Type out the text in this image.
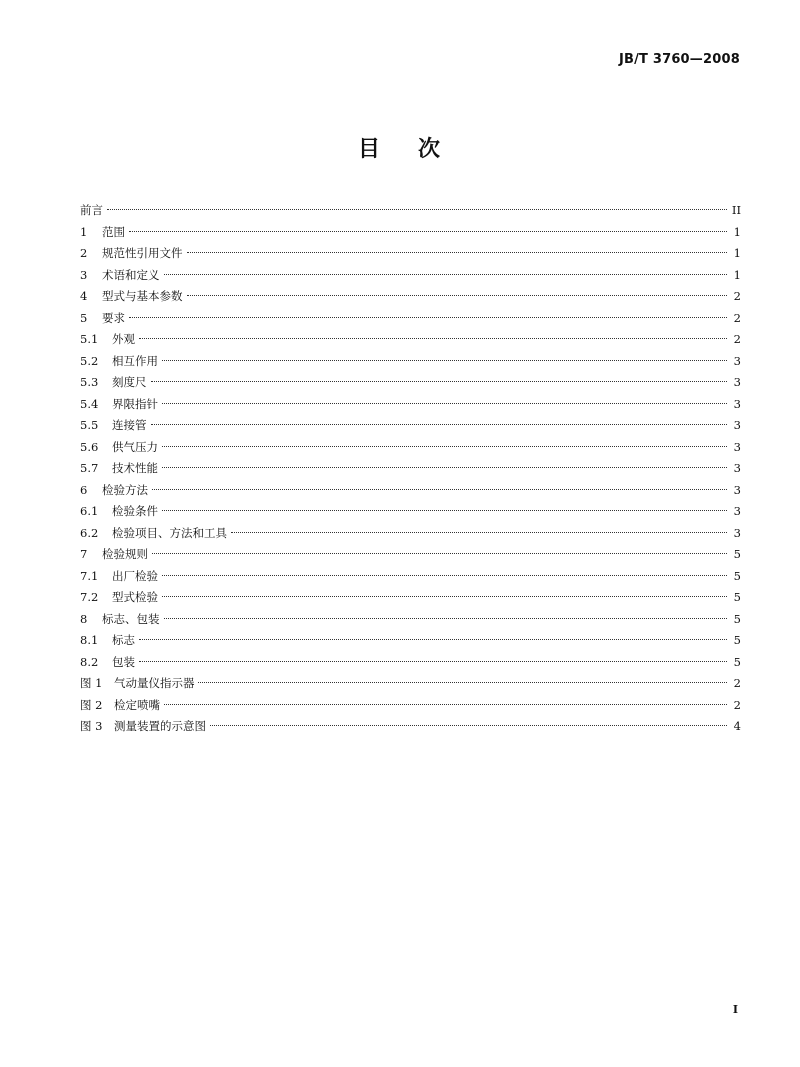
JB/T 3760—2008
目 次
前言	II
1	范围	1
2	规范性引用文件	1
3	术语和定义	1
4	型式与基本参数	2
5	要求	2
5.1	外观	2
5.2	相互作用	3
5.3	刻度尺	3
5.4	界限指针	3
5.5	连接管	3
5.6	供气压力	3
5.7	技术性能	3
6	检验方法	3
6.1	检验条件	3
6.2	检验项目、方法和工具	3
7	检验规则	5
7.1	出厂检验	5
7.2	型式检验	5
8	标志、包装	5
8.1	标志	5
8.2	包装	5
图 1　气动量仪指示器	2
图 2　检定喷嘴	2
图 3　测量装置的示意图	4
I
